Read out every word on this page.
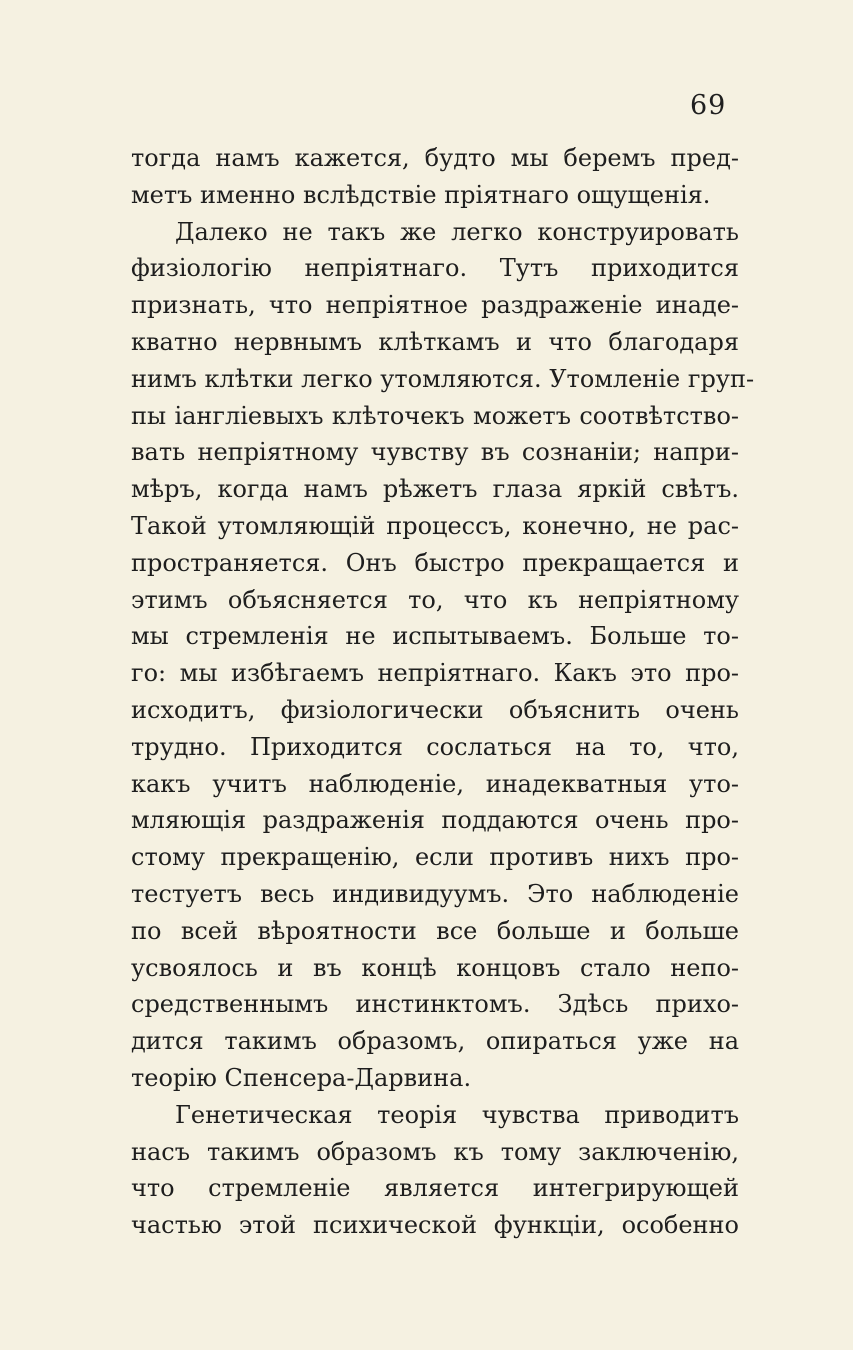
69
тогда намъ кажется, будто мы беремъ пред-
метъ именно вслѣдствіе пріятнаго ощущенія.
Далеко не такъ же легко конструировать
физіологію непріятнаго. Тутъ приходится
признать, что непріятное раздраженіе инаде-
кватно нервнымъ клѣткамъ и что благодаря
нимъ клѣтки легко утомляются. Утомленіе груп-
пы іангліевыхъ клѣточекъ можетъ соотвѣтство-
вать непріятному чувству въ сознаніи; напри-
мѣръ, когда намъ рѣжетъ глаза яркій свѣтъ.
Такой утомляющій процессъ, конечно, не рас-
пространяется. Онъ быстро прекращается и
этимъ объясняется то, что къ непріятному
мы стремленія не испытываемъ. Больше то-
го: мы избѣгаемъ непріятнаго. Какъ это про-
исходитъ, физіологически объяснить очень
трудно. Приходится сослаться на то, что,
какъ учитъ наблюденіе, инадекватныя уто-
мляющія раздраженія поддаются очень про-
стому прекращенію, если противъ нихъ про-
тестуетъ весь индивидуумъ. Это наблюденіе
по всей вѣроятности все больше и больше
усвоялось и въ концѣ концовъ стало непо-
средственнымъ инстинктомъ. Здѣсь прихо-
дится такимъ образомъ, опираться уже на
теорію Спенсера-Дарвина.
Генетическая теорія чувства приводитъ
насъ такимъ образомъ къ тому заключенію,
что стремленіе является интегрирующей
частью этой психической функціи, особенно
